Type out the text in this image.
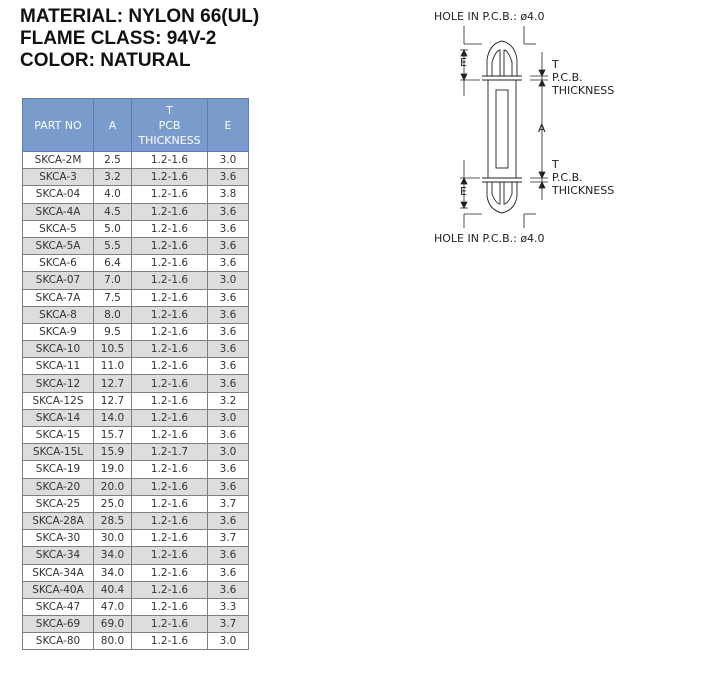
MATERIAL: NYLON 66(UL)
FLAME CLASS: 94V-2
COLOR: NATURAL
PART NO	A	T
PCB
THICKNESS	E
SKCA-2M	2.5	1.2-1.6	3.0
SKCA-3	3.2	1.2-1.6	3.6
SKCA-04	4.0	1.2-1.6	3.8
SKCA-4A	4.5	1.2-1.6	3.6
SKCA-5	5.0	1.2-1.6	3.6
SKCA-5A	5.5	1.2-1.6	3.6
SKCA-6	6.4	1.2-1.6	3.6
SKCA-07	7.0	1.2-1.6	3.0
SKCA-7A	7.5	1.2-1.6	3.6
SKCA-8	8.0	1.2-1.6	3.6
SKCA-9	9.5	1.2-1.6	3.6
SKCA-10	10.5	1.2-1.6	3.6
SKCA-11	11.0	1.2-1.6	3.6
SKCA-12	12.7	1.2-1.6	3.6
SKCA-12S	12.7	1.2-1.6	3.2
SKCA-14	14.0	1.2-1.6	3.0
SKCA-15	15.7	1.2-1.6	3.6
SKCA-15L	15.9	1.2-1.7	3.0
SKCA-19	19.0	1.2-1.6	3.6
SKCA-20	20.0	1.2-1.6	3.6
SKCA-25	25.0	1.2-1.6	3.7
SKCA-28A	28.5	1.2-1.6	3.6
SKCA-30	30.0	1.2-1.6	3.7
SKCA-34	34.0	1.2-1.6	3.6
SKCA-34A	34.0	1.2-1.6	3.6
SKCA-40A	40.4	1.2-1.6	3.6
SKCA-47	47.0	1.2-1.6	3.3
SKCA-69	69.0	1.2-1.6	3.7
SKCA-80	80.0	1.2-1.6	3.0
HOLE IN P.C.B.: ø4.0
HOLE IN P.C.B.: ø4.0
E	T
P.C.B.
THICKNESS
A
T
P.C.B.
THICKNESS
E
